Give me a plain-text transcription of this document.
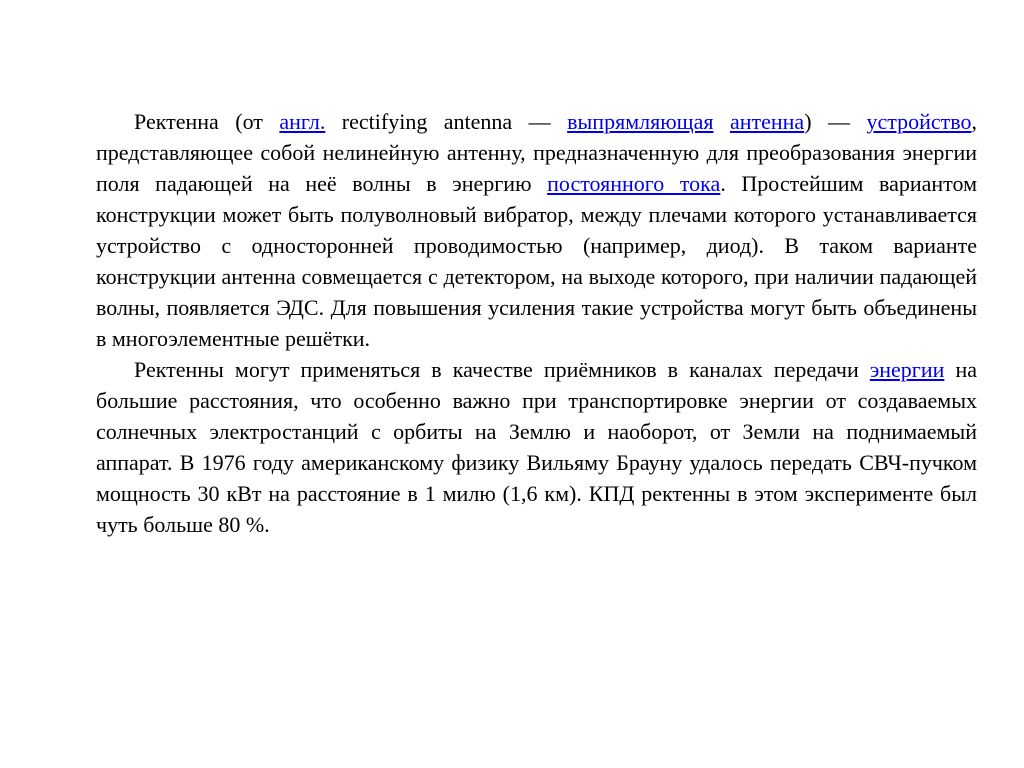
Ректенна (от англ. rectifying antenna — выпрямляющая антенна) — устройство, представляющее собой нелинейную антенну, предназначенную для преобразования энергии поля падающей на неё волны в энергию постоянного тока. Простейшим вариантом конструкции может быть полуволновый вибратор, между плечами которого устанавливается устройство с односторонней проводимостью (например, диод). В таком варианте конструкции антенна совмещается с детектором, на выходе которого, при наличии падающей волны, появляется ЭДС. Для повышения усиления такие устройства могут быть объединены в многоэлементные решётки.

Ректенны могут применяться в качестве приёмников в каналах передачи энергии на большие расстояния, что особенно важно при транспортировке энергии от создаваемых солнечных электростанций с орбиты на Землю и наоборот, от Земли на поднимаемый аппарат. В 1976 году американскому физику Вильяму Брауну удалось передать СВЧ-пучком мощность 30 кВт на расстояние в 1 милю (1,6 км). КПД ректенны в этом эксперименте был чуть больше 80 %.
